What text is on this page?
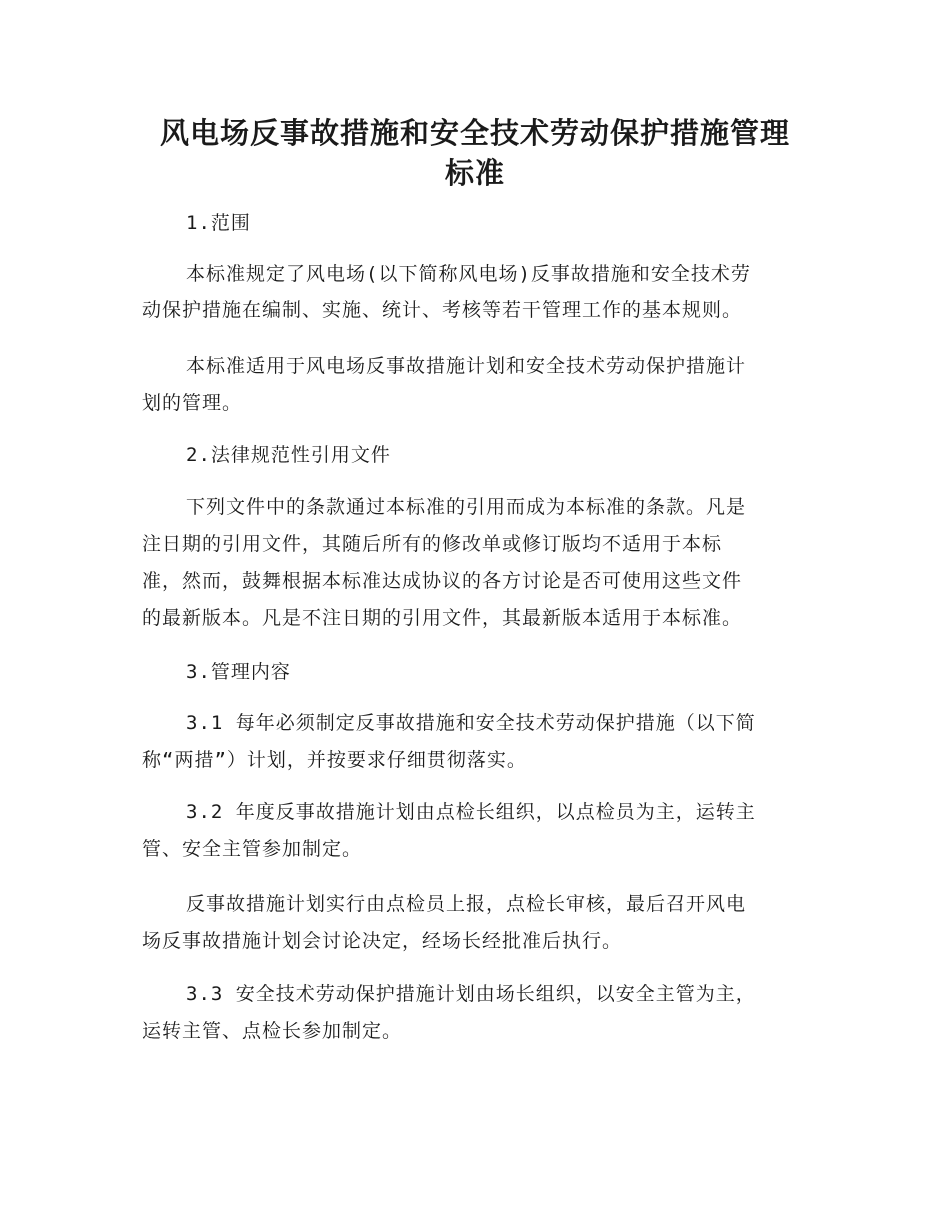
风电场反事故措施和安全技术劳动保护措施管理
标准

1.范围

本标准规定了风电场(以下简称风电场)反事故措施和安全技术劳

动保护措施在编制、实施、统计、考核等若干管理工作的基本规则。

本标准适用于风电场反事故措施计划和安全技术劳动保护措施计

划的管理。

2.法律规范性引用文件

下列文件中的条款通过本标准的引用而成为本标准的条款。凡是

注日期的引用文件，其随后所有的修改单或修订版均不适用于本标

准，然而，鼓舞根据本标准达成协议的各方讨论是否可使用这些文件

的最新版本。凡是不注日期的引用文件，其最新版本适用于本标准。

3.管理内容

3.1 每年必须制定反事故措施和安全技术劳动保护措施（以下简

称“两措”）计划，并按要求仔细贯彻落实。

3.2 年度反事故措施计划由点检长组织，以点检员为主，运转主

管、安全主管参加制定。

反事故措施计划实行由点检员上报，点检长审核，最后召开风电

场反事故措施计划会讨论决定，经场长经批准后执行。

3.3 安全技术劳动保护措施计划由场长组织，以安全主管为主，

运转主管、点检长参加制定。
